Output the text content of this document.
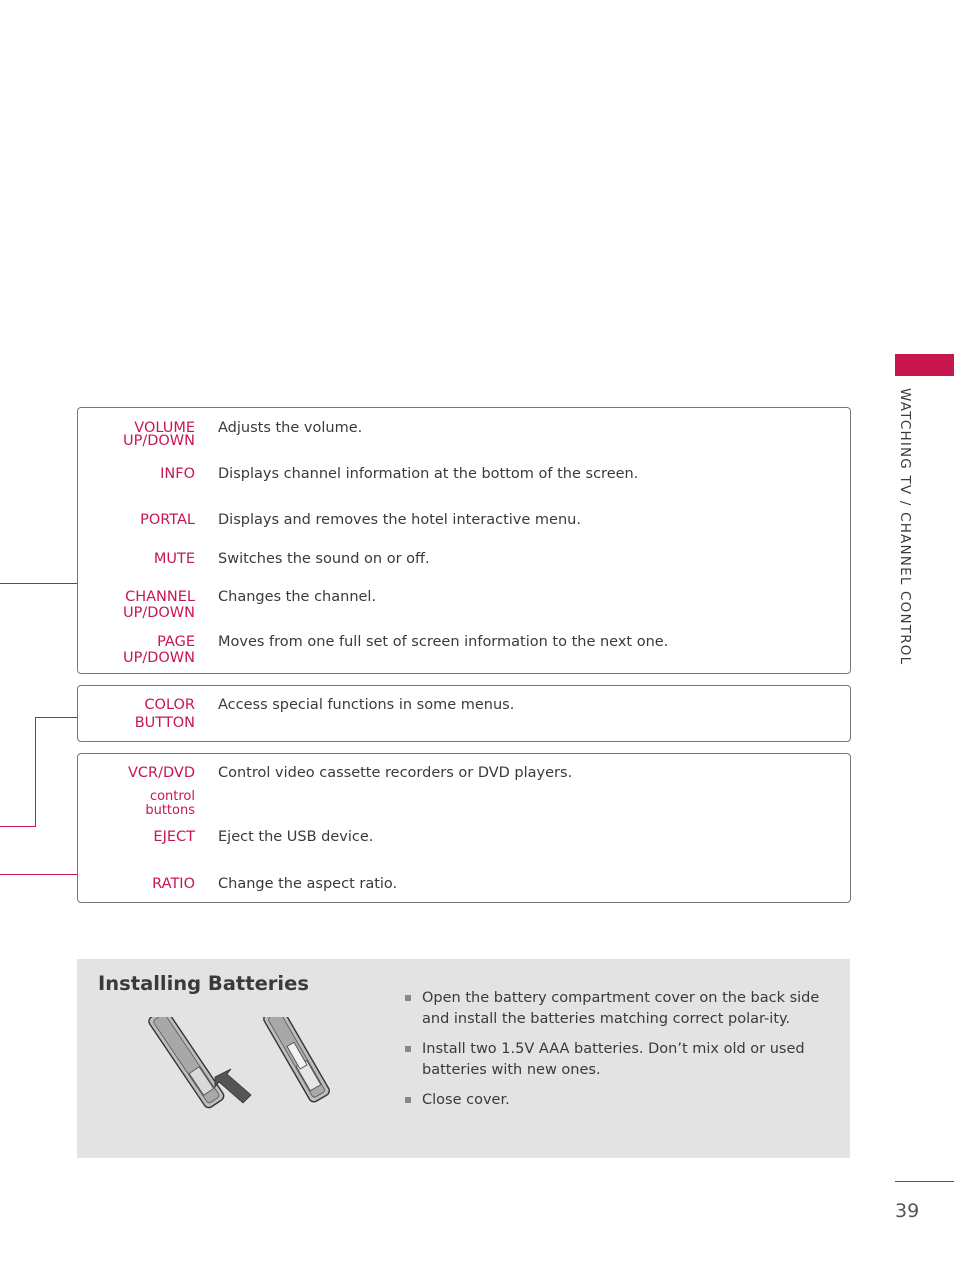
WATCHING TV / CHANNEL CONTROL
39
VOLUME
UP/DOWN
Adjusts the volume.
INFO Displays channel information at the bottom of the screen.
PORTAL Displays and removes the hotel interactive menu.
MUTE Switches the sound on or off.
CHANNEL
UP/DOWN
Changes the channel.
PAGE
UP/DOWN
Moves from one full set of screen information to the next one.
COLOR
BUTTON
Access special functions in some menus.
VCR/DVD Control video cassette recorders or DVD players.
control
buttons
EJECT Eject the USB device.
RATIO Change the aspect ratio.
Installing Batteries
Open the battery compartment cover on the back side and install the batteries matching correct polar-ity.
Install two 1.5V AAA batteries. Don’t mix old or used batteries with new ones.
Close cover.
